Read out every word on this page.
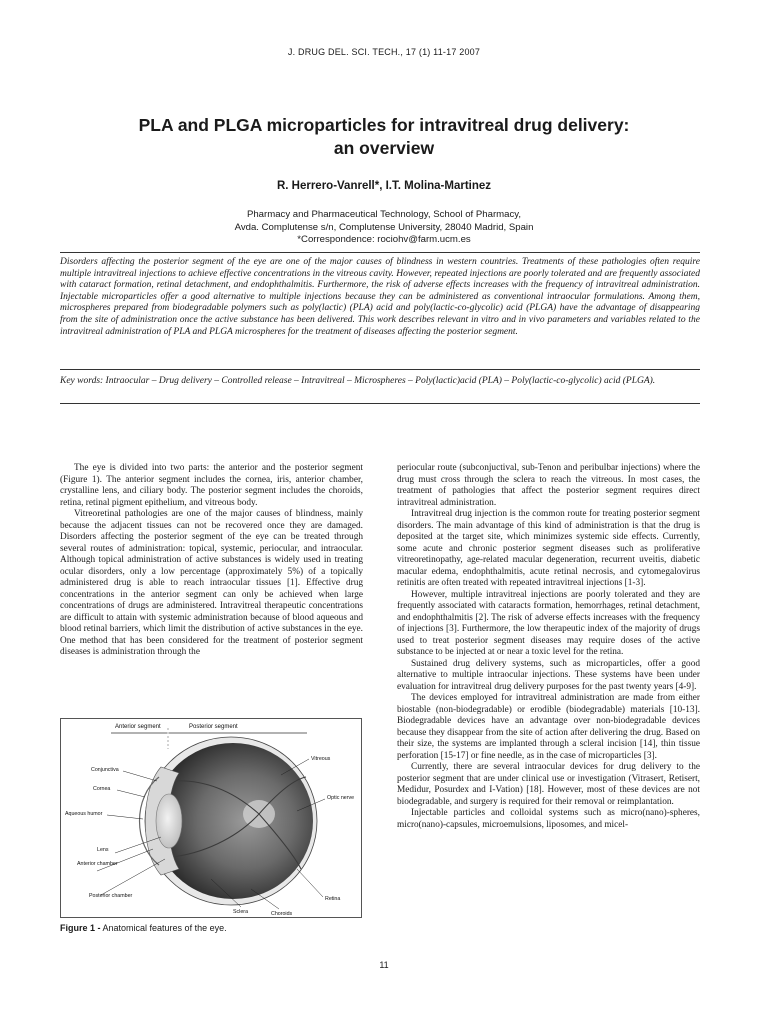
J. DRUG DEL. SCI. TECH., 17 (1) 11-17 2007
PLA and PLGA microparticles for intravitreal drug delivery:
an overview
R. Herrero-Vanrell*, I.T. Molina-Martinez
Pharmacy and Pharmaceutical Technology, School of Pharmacy,
Avda. Complutense s/n, Complutense University, 28040 Madrid, Spain
*Correspondence: rociohv@farm.ucm.es
Disorders affecting the posterior segment of the eye are one of the major causes of blindness in western countries. Treatments of these pathologies often require multiple intravitreal injections to achieve effective concentrations in the vitreous cavity. However, repeated injections are poorly tolerated and are frequently associated with cataract formation, retinal detachment, and endophthalmitis. Furthermore, the risk of adverse effects increases with the frequency of intravitreal administration. Injectable microparticles offer a good alternative to multiple injections because they can be administered as conventional intraocular formulations. Among them, microspheres prepared from biodegradable polymers such as poly(lactic) (PLA) acid and poly(lactic-co-glycolic) acid (PLGA) have the advantage of disappearing from the site of administration once the active substance has been delivered. This work describes relevant in vitro and in vivo parameters and variables related to the intravitreal administration of PLA and PLGA microspheres for the treatment of diseases affecting the posterior segment.
Key words: Intraocular – Drug delivery – Controlled release – Intravitreal – Microspheres – Poly(lactic)acid (PLA) – Poly(lactic-co-glycolic) acid (PLGA).

The eye is divided into two parts: the anterior and the posterior segment (Figure 1). The anterior segment includes the cornea, iris, anterior chamber, crystalline lens, and ciliary body. The posterior segment includes the choroids, retina, retinal pigment epithelium, and vitreous body.

Vitreoretinal pathologies are one of the major causes of blindness, mainly because the adjacent tissues can not be recovered once they are damaged. Disorders affecting the posterior segment of the eye can be treated through several routes of administration: topical, systemic, periocular, and intraocular. Although topical administration of active substances is widely used in treating ocular disorders, only a low percentage (approximately 5%) of a topically administered drug is able to reach intraocular tissues [1]. Effective drug concentrations in the anterior segment can only be achieved when large concentrations of drugs are administered. Intravitreal therapeutic concentrations are difficult to attain with systemic administration because of blood aqueous and blood retinal barriers, which limit the distribution of active substances in the eye. One method that has been considered for the treatment of posterior segment diseases is administration through the

periocular route (subconjuctival, sub-Tenon and peribulbar injections) where the drug must cross through the sclera to reach the vitreous. In most cases, the treatment of pathologies that affect the posterior segment requires direct intravitreal administration.

Intravitreal drug injection is the common route for treating posterior segment disorders. The main advantage of this kind of administration is that the drug is deposited at the target site, which minimizes systemic side effects. Currently, some acute and chronic posterior segment diseases such as proliferative vitreoretinopathy, age-related macular degeneration, recurrent uveitis, diabetic macular edema, endophthalmitis, acute retinal necrosis, and cytomegalovirus retinitis are often treated with repeated intravitreal injections [1-3].

However, multiple intravitreal injections are poorly tolerated and they are frequently associated with cataracts formation, hemorrhages, retinal detachment, and endophthalmitis [2]. The risk of adverse effects increases with the frequency of injections [3]. Furthermore, the low therapeutic index of the majority of drugs used to treat posterior segment diseases may require doses of the active substance to be injected at or near a toxic level for the retina.

Sustained drug delivery systems, such as microparticles, offer a good alternative to multiple intraocular injections. These systems have been under evaluation for intravitreal drug delivery purposes for the past twenty years [4-9].

The devices employed for intravitreal administration are made from either biostable (non-biodegradable) or erodible (biodegradable) materials [10-13]. Biodegradable devices have an advantage over non-biodegradable devices because they disappear from the site of action after delivering the drug. Based on their size, the systems are implanted through a scleral incision [14], thin tissue perforation [15-17] or fine needle, as in the case of microparticles [3].

Currently, there are several intraocular devices for drug delivery to the posterior segment that are under clinical use or investigation (Vitrasert, Retisert, Medidur, Posurdex and I-Vation) [18]. However, most of these devices are not biodegradable, and surgery is required for their removal or reimplantation.

Injectable particles and colloidal systems such as micro(nano)-spheres, micro(nano)-capsules, microemulsions, liposomes, and micel-

Anterior segment	Posterior segment
Conjunctiva
Cornea
Aqueous humor
Lens
Anterior chamber
Posterior chamber
Sclera	Choroids
Retina
Optic nerve
Vitreous
Figure 1 - Anatomical features of the eye.
11
